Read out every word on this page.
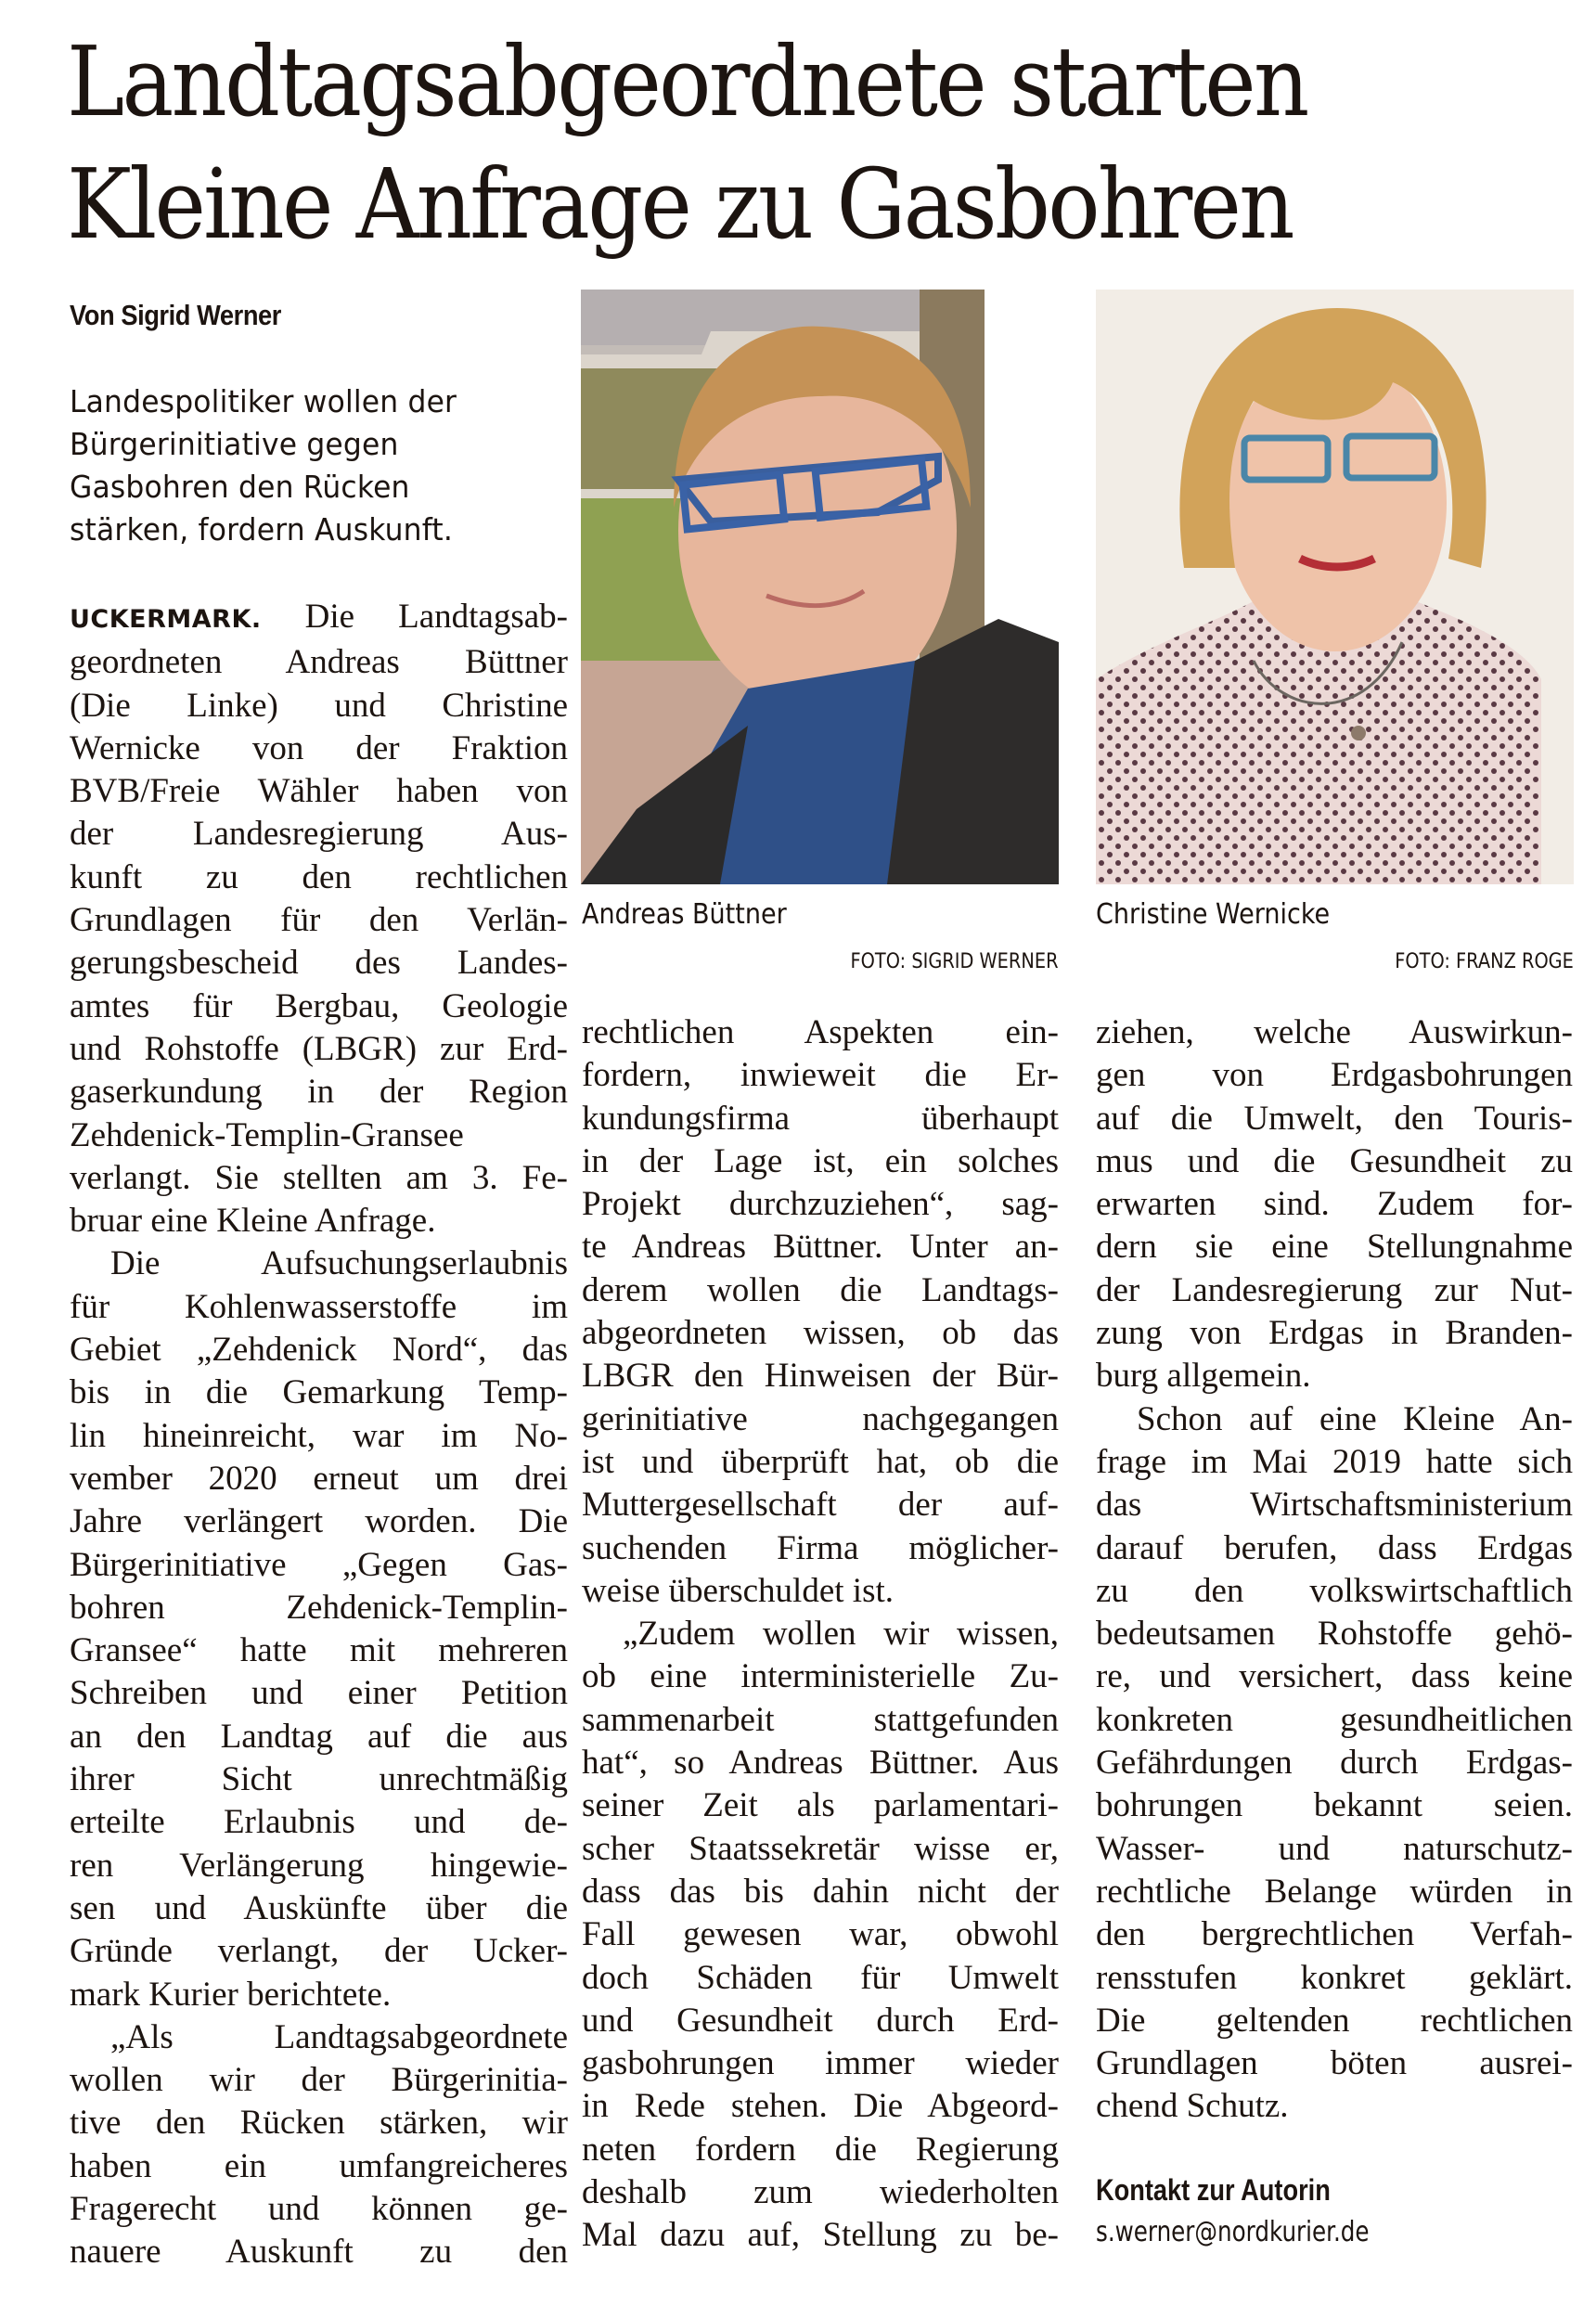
Landtagsabgeordnete starten
Kleine Anfrage zu Gasbohren
Von Sigrid Werner
Landespolitiker wollen der
Bürgerinitiative gegen
Gasbohren den Rücken
stärken, fordern Auskunft.
UCKERMARK. Die Landtagsab-
geordneten Andreas Büttner
(Die Linke) und Christine
Wernicke von der Fraktion
BVB/Freie Wähler haben von
der Landesregierung Aus-
kunft zu den rechtlichen
Grundlagen für den Verlän-
gerungsbescheid des Landes-
amtes für Bergbau, Geologie
und Rohstoffe (LBGR) zur Erd-
gaserkundung in der Region
Zehdenick-Templin-Gransee
verlangt. Sie stellten am 3. Fe-
bruar eine Kleine Anfrage.
Die Aufsuchungserlaubnis
für Kohlenwasserstoffe im
Gebiet „Zehdenick Nord“, das
bis in die Gemarkung Temp-
lin hineinreicht, war im No-
vember 2020 erneut um drei
Jahre verlängert worden. Die
Bürgerinitiative „Gegen Gas-
bohren Zehdenick-Templin-
Gransee“ hatte mit mehreren
Schreiben und einer Petition
an den Landtag auf die aus
ihrer Sicht unrechtmäßig
erteilte Erlaubnis und de-
ren Verlängerung hingewie-
sen und Auskünfte über die
Gründe verlangt, der Ucker-
mark Kurier berichtete.
„Als Landtagsabgeordnete
wollen wir der Bürgerinitia-
tive den Rücken stärken, wir
haben ein umfangreicheres
Fragerecht und können ge-
nauere Auskunft zu den
rechtlichen Aspekten ein-
fordern, inwieweit die Er-
kundungsfirma überhaupt
in der Lage ist, ein solches
Projekt durchzuziehen“, sag-
te Andreas Büttner. Unter an-
derem wollen die Landtags-
abgeordneten wissen, ob das
LBGR den Hinweisen der Bür-
gerinitiative nachgegangen
ist und überprüft hat, ob die
Muttergesellschaft der auf-
suchenden Firma möglicher-
weise überschuldet ist.
„Zudem wollen wir wissen,
ob eine interministerielle Zu-
sammenarbeit stattgefunden
hat“, so Andreas Büttner. Aus
seiner Zeit als parlamentari-
scher Staatssekretär wisse er,
dass das bis dahin nicht der
Fall gewesen war, obwohl
doch Schäden für Umwelt
und Gesundheit durch Erd-
gasbohrungen immer wieder
in Rede stehen. Die Abgeord-
neten fordern die Regierung
deshalb zum wiederholten
Mal dazu auf, Stellung zu be-
ziehen, welche Auswirkun-
gen von Erdgasbohrungen
auf die Umwelt, den Touris-
mus und die Gesundheit zu
erwarten sind. Zudem for-
dern sie eine Stellungnahme
der Landesregierung zur Nut-
zung von Erdgas in Branden-
burg allgemein.
Schon auf eine Kleine An-
frage im Mai 2019 hatte sich
das Wirtschaftsministerium
darauf berufen, dass Erdgas
zu den volkswirtschaftlich
bedeutsamen Rohstoffe gehö-
re, und versichert, dass keine
konkreten gesundheitlichen
Gefährdungen durch Erdgas-
bohrungen bekannt seien.
Wasser- und naturschutz-
rechtliche Belange würden in
den bergrechtlichen Verfah-
rensstufen konkret geklärt.
Die geltenden rechtlichen
Grundlagen böten ausrei-
chend Schutz.
Andreas Büttner
FOTO: SIGRID WERNER
Christine Wernicke
FOTO: FRANZ ROGE
Kontakt zur Autorin
s.werner@nordkurier.de
